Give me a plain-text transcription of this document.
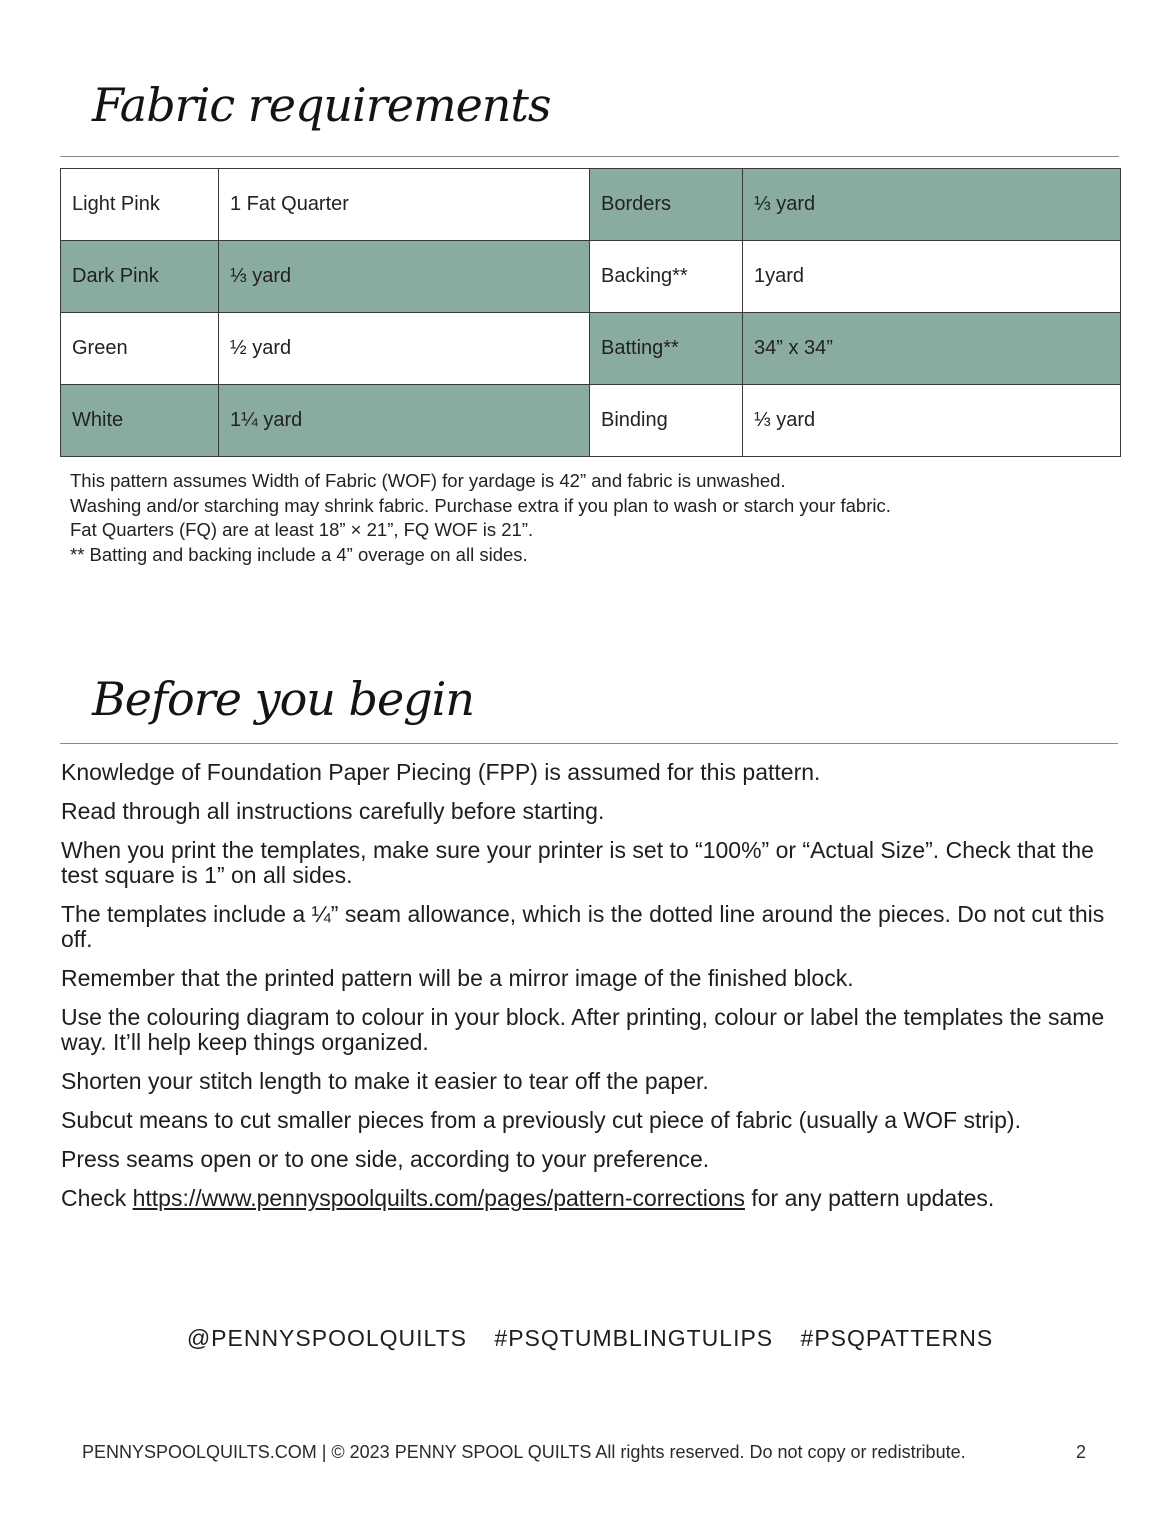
Fabric requirements
Light Pink	1 Fat Quarter	Borders	⅓ yard
Dark Pink	⅓ yard	Backing**	1yard
Green	½ yard	Batting**	34” x 34”
White	1¼ yard	Binding	⅓ yard
This pattern assumes Width of Fabric (WOF) for yardage is 42” and fabric is unwashed.
Washing and/or starching may shrink fabric. Purchase extra if you plan to wash or starch your fabric.
Fat Quarters (FQ) are at least 18” × 21”, FQ WOF is 21”.
** Batting and backing include a 4” overage on all sides.
Before you begin

Knowledge of Foundation Paper Piecing (FPP) is assumed for this pattern.

Read through all instructions carefully before starting.

When you print the templates, make sure your printer is set to “100%” or “Actual Size”. Check that the test square is 1” on all sides.

The templates include a ¼” seam allowance, which is the dotted line around the pieces. Do not cut this off.

Remember that the printed pattern will be a mirror image of the finished block.

Use the colouring diagram to colour in your block. After printing, colour or label the templates the same way. It’ll help keep things organized.

Shorten your stitch length to make it easier to tear off the paper.

Subcut means to cut smaller pieces from a previously cut piece of fabric (usually a WOF strip).

Press seams open or to one side, according to your preference.

Check https://www.pennyspoolquilts.com/pages/pattern-corrections for any pattern updates.

@PENNYSPOOLQUILTS #PSQTUMBLINGTULIPS #PSQPATTERNS
PENNYSPOOLQUILTS.COM | © 2023 PENNY SPOOL QUILTS All rights reserved. Do not copy or redistribute.	2
